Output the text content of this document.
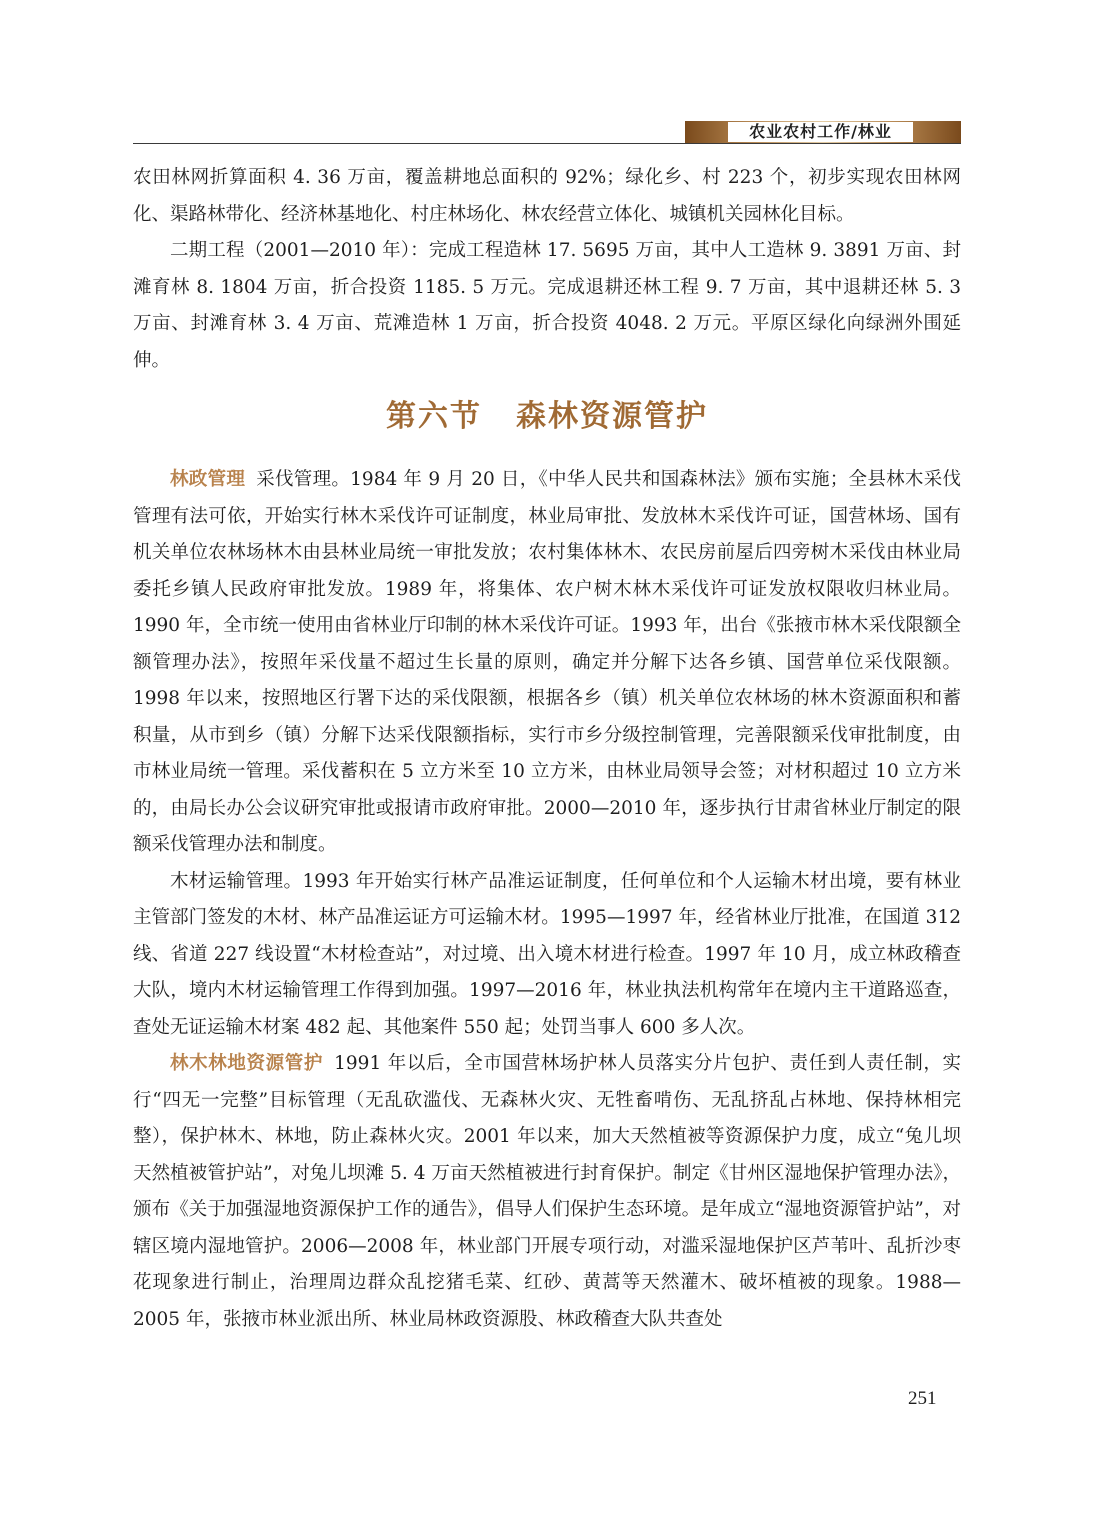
农业农村工作/林业

农田林网折算面积 4. 36 万亩，覆盖耕地总面积的 92%；绿化乡、村 223 个，初步实现农田林网化、渠路林带化、经济林基地化、村庄林场化、林农经营立体化、城镇机关园林化目标。

二期工程（2001—2010 年）：完成工程造林 17. 5695 万亩，其中人工造林 9. 3891 万亩、封滩育林 8. 1804 万亩，折合投资 1185. 5 万元。完成退耕还林工程 9. 7 万亩，其中退耕还林 5. 3 万亩、封滩育林 3. 4 万亩、荒滩造林 1 万亩，折合投资 4048. 2 万元。平原区绿化向绿洲外围延伸。

第六节 森林资源管护

林政管理 采伐管理。1984 年 9 月 20 日，《中华人民共和国森林法》颁布实施；全县林木采伐管理有法可依，开始实行林木采伐许可证制度，林业局审批、发放林木采伐许可证，国营林场、国有机关单位农林场林木由县林业局统一审批发放；农村集体林木、农民房前屋后四旁树木采伐由林业局委托乡镇人民政府审批发放。1989 年，将集体、农户树木林木采伐许可证发放权限收归林业局。1990 年，全市统一使用由省林业厅印制的林木采伐许可证。1993 年，出台《张掖市林木采伐限额全额管理办法》，按照年采伐量不超过生长量的原则，确定并分解下达各乡镇、国营单位采伐限额。1998 年以来，按照地区行署下达的采伐限额，根据各乡（镇）机关单位农林场的林木资源面积和蓄积量，从市到乡（镇）分解下达采伐限额指标，实行市乡分级控制管理，完善限额采伐审批制度，由市林业局统一管理。采伐蓄积在 5 立方米至 10 立方米，由林业局领导会签；对材积超过 10 立方米的，由局长办公会议研究审批或报请市政府审批。2000—2010 年，逐步执行甘肃省林业厅制定的限额采伐管理办法和制度。

木材运输管理。1993 年开始实行林产品准运证制度，任何单位和个人运输木材出境，要有林业主管部门签发的木材、林产品准运证方可运输木材。1995—1997 年，经省林业厅批准，在国道 312 线、省道 227 线设置“木材检查站”，对过境、出入境木材进行检查。1997 年 10 月，成立林政稽查大队，境内木材运输管理工作得到加强。1997—2016 年，林业执法机构常年在境内主干道路巡查，查处无证运输木材案 482 起、其他案件 550 起；处罚当事人 600 多人次。

林木林地资源管护 1991 年以后，全市国营林场护林人员落实分片包护、责任到人责任制，实行“四无一完整”目标管理（无乱砍滥伐、无森林火灾、无牲畜啃伤、无乱挤乱占林地、保持林相完整），保护林木、林地，防止森林火灾。2001 年以来，加大天然植被等资源保护力度，成立“兔儿坝天然植被管护站”，对兔儿坝滩 5. 4 万亩天然植被进行封育保护。制定《甘州区湿地保护管理办法》，颁布《关于加强湿地资源保护工作的通告》，倡导人们保护生态环境。是年成立“湿地资源管护站”，对辖区境内湿地管护。2006—2008 年，林业部门开展专项行动，对滥采湿地保护区芦苇叶、乱折沙枣花现象进行制止，治理周边群众乱挖猪毛菜、红砂、黄蒿等天然灌木、破坏植被的现象。1988—2005 年，张掖市林业派出所、林业局林政资源股、林政稽查大队共查处

251
